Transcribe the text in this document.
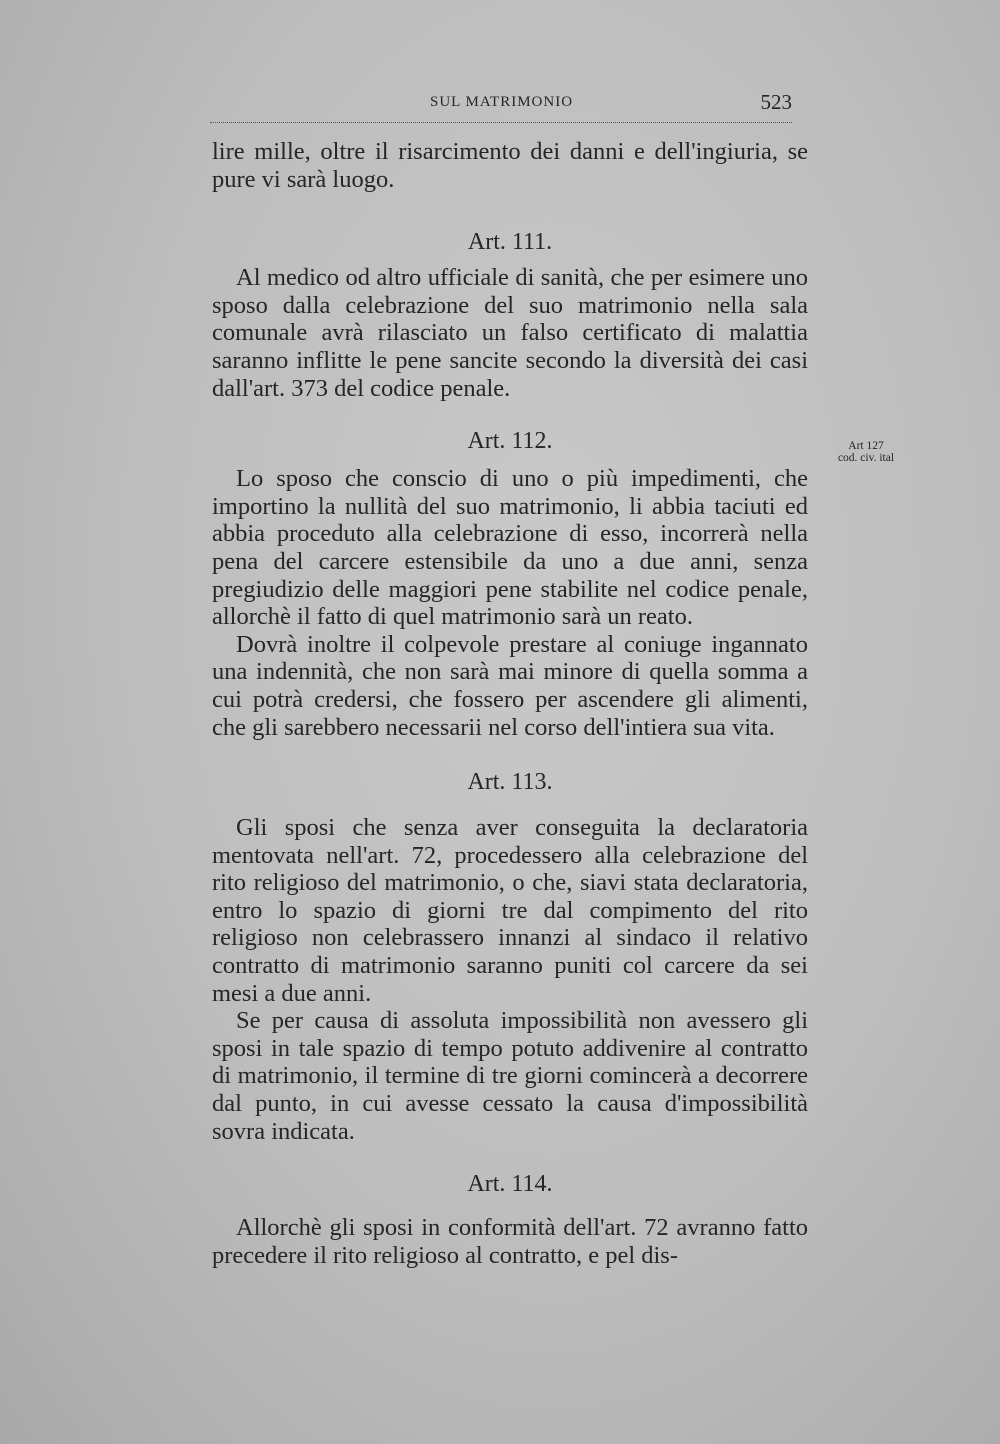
SUL MATRIMONIO	523
Art 127
cod. civ. ital

lire mille, oltre il risarcimento dei danni e dell'ingiuria, se pure vi sarà luogo.

Art. 111.

Al medico od altro ufficiale di sanità, che per esimere uno sposo dalla celebrazione del suo matrimonio nella sala comunale avrà rilasciato un falso certificato di malattia saranno inflitte le pene sancite secondo la diversità dei casi dall'art. 373 del codice penale.

Art. 112.

Lo sposo che conscio di uno o più impedimenti, che importino la nullità del suo matrimonio, li abbia taciuti ed abbia proceduto alla celebrazione di esso, incorrerà nella pena del carcere estensibile da uno a due anni, senza pregiudizio delle maggiori pene stabilite nel codice penale, allorchè il fatto di quel matrimonio sarà un reato.

Dovrà inoltre il colpevole prestare al coniuge ingannato una indennità, che non sarà mai minore di quella somma a cui potrà credersi, che fossero per ascendere gli alimenti, che gli sarebbero necessarii nel corso dell'intiera sua vita.

Art. 113.

Gli sposi che senza aver conseguita la declaratoria mentovata nell'art. 72, procedessero alla celebrazione del rito religioso del matrimonio, o che, siavi stata declaratoria, entro lo spazio di giorni tre dal compimento del rito religioso non celebrassero innanzi al sindaco il relativo contratto di matrimonio saranno puniti col carcere da sei mesi a due anni.

Se per causa di assoluta impossibilità non avessero gli sposi in tale spazio di tempo potuto addivenire al contratto di matrimonio, il termine di tre giorni comincerà a decorrere dal punto, in cui avesse cessato la causa d'impossibilità sovra indicata.

Art. 114.

Allorchè gli sposi in conformità dell'art. 72 avranno fatto precedere il rito religioso al contratto, e pel dis-
